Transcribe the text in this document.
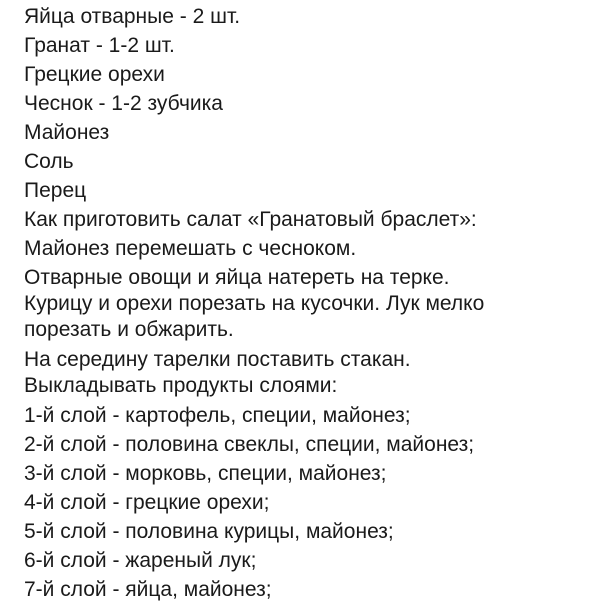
Яйца отварные - 2 шт.
Гранат - 1-2 шт.
Грецкие орехи
Чеснок - 1-2 зубчика
Майонез
Соль
Перец
Как приготовить салат «Гранатовый браслет»:
Майонез перемешать с чесноком.
Отварные овощи и яйца натереть на терке.
Курицу и орехи порезать на кусочки. Лук мелко
порезать и обжарить.
На середину тарелки поставить стакан.
Выкладывать продукты слоями:
1-й слой - картофель, специи, майонез;
2-й слой - половина свеклы, специи, майонез;
3-й слой - морковь, специи, майонез;
4-й слой - грецкие орехи;
5-й слой - половина курицы, майонез;
6-й слой - жареный лук;
7-й слой - яйца, майонез;
